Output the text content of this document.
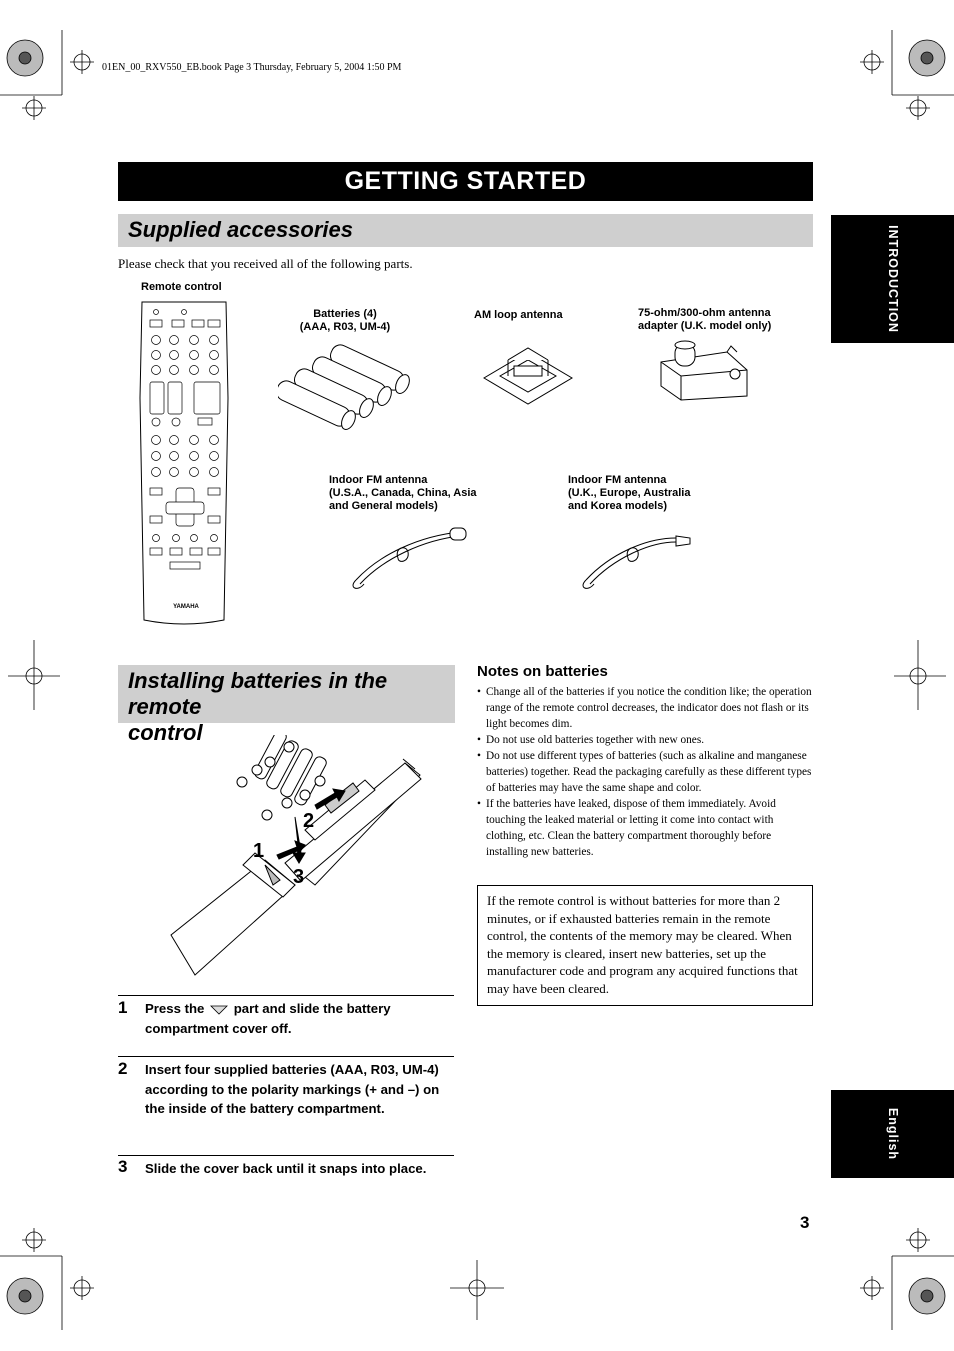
01EN_00_RXV550_EB.book Page 3 Thursday, February 5, 2004 1:50 PM
GETTING STARTED
INTRODUCTION
English
Supplied accessories
Please check that you received all of the following parts.
Remote control
YAMAHA
Batteries (4)
(AAA, R03, UM-4)
AM loop antenna	75-ohm/300-ohm antenna
adapter (U.K. model only)
Indoor FM antenna
(U.S.A., Canada, China, Asia
and General models)
Indoor FM antenna
(U.K., Europe, Australia
and Korea models)
Installing batteries in the remote
control
1
2
3
1 Press the part and slide the battery compartment cover off.
2 Insert four supplied batteries (AAA, R03, UM-4) according to the polarity markings (+ and –) on the inside of the battery compartment.
3 Slide the cover back until it snaps into place.
Notes on batteries
• Change all of the batteries if you notice the condition like; the operation range of the remote control decreases, the indicator does not flash or its light becomes dim.
• Do not use old batteries together with new ones.
• Do not use different types of batteries (such as alkaline and manganese batteries) together. Read the packaging carefully as these different types of batteries may have the same shape and color.
• If the batteries have leaked, dispose of them immediately. Avoid touching the leaked material or letting it come into contact with clothing, etc. Clean the battery compartment thoroughly before installing new batteries.
If the remote control is without batteries for more than 2 minutes, or if exhausted batteries remain in the remote control, the contents of the memory may be cleared. When the memory is cleared, insert new batteries, set up the manufacturer code and program any acquired functions that may have been cleared.
3
